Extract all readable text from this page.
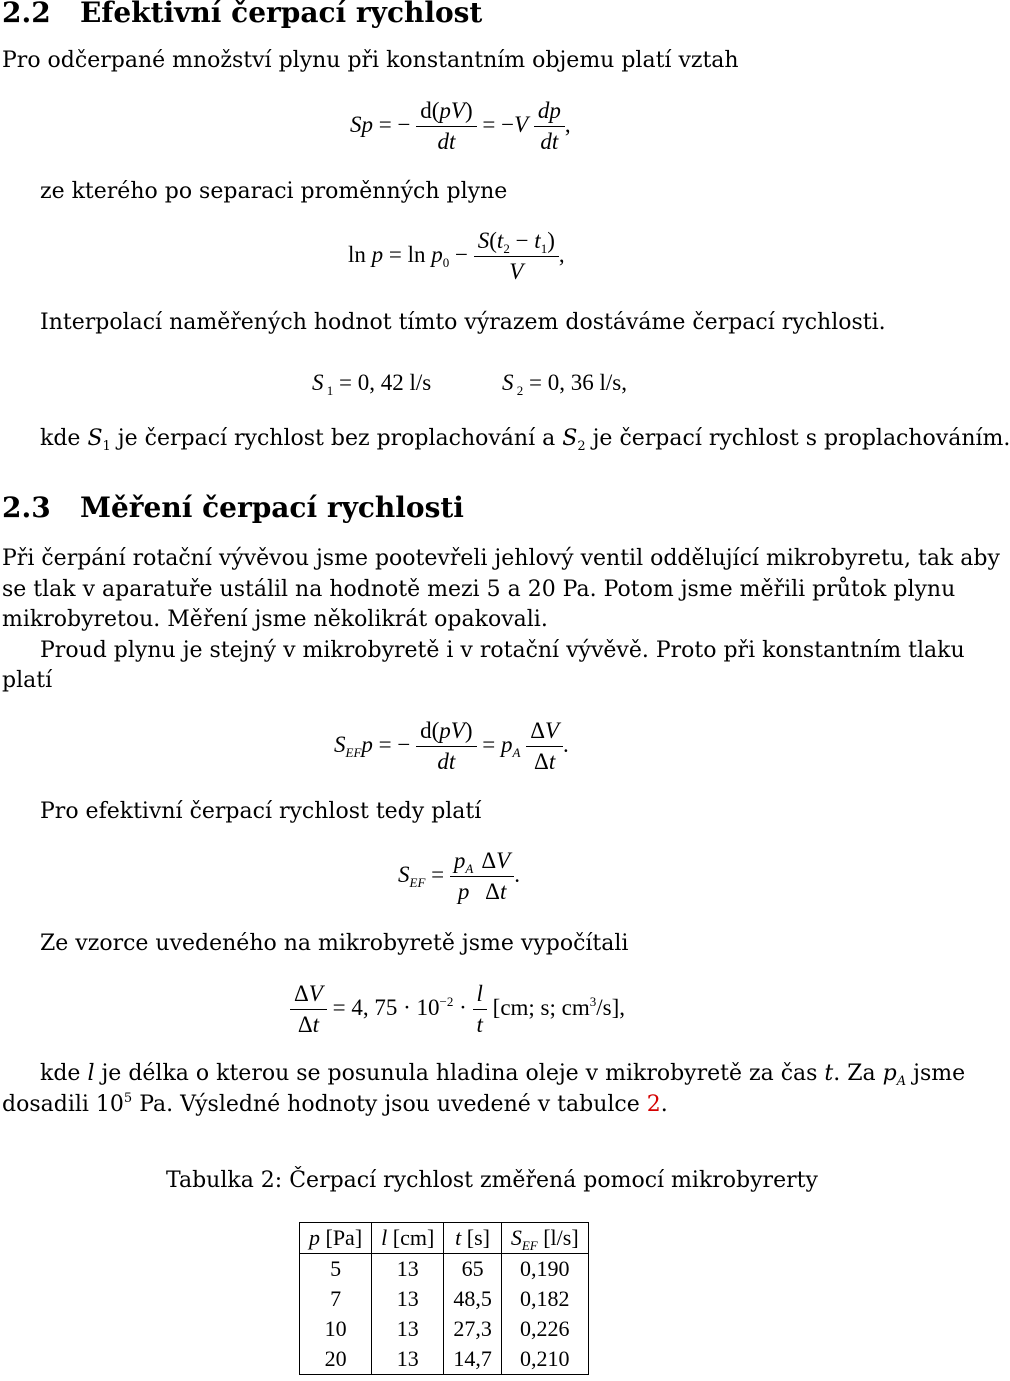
2.2 Efektivní čerpací rychlost
Pro odčerpané množství plynu při konstantním objemu platí vztah
Sp = − $\frac{d(pV)}{dt} = -V \frac{dp}{dt}$ ,
ze kterého po separaci proměnných plyne
$\ln p = \ln p_0 - \frac{S(t_2 - t_1)}{V}$ ,
Interpolací naměřených hodnot tímto výrazem dostáváme čerpací rychlosti.
S $_1$ = 0, 42 l/s	S $_2$ = 0, 36 l/s,
kde $S_1$ je čerpací rychlost bez proplachování a $S_2$ je čerpací rychlost s proplachováním.
2.3 Měření čerpací rychlosti
Při čerpání rotační vývěvou jsme pootevřeli jehlový ventil oddělující mikrobyretu, tak aby
se tlak v aparatuře ustálil na hodnotě mezi 5 a 20 Pa. Potom jsme měřili průtok plynu
mikrobyretou. Měření jsme několikrát opakovali.
Proud plynu je stejný v mikrobyretě i v rotační vývěvě. Proto při konstantním tlaku
platí
$S_{EF}p$ = − $\frac{d(pV)}{dt} = p_A \frac{\Delta V}{\Delta t}$ .
Pro efektivní čerpací rychlost tedy platí
$S_{EF} = \frac{p_A}{p} \frac{\Delta V}{\Delta t}$ .
Ze vzorce uvedeného na mikrobyretě jsme vypočítali
$\frac{\Delta V}{\Delta t} = 4$, $75 \cdot 10^{-2} \cdot \frac{l}{t} [cm$; s; $cm^3/s$],
kde l je délka o kterou se posunula hladina oleje v mikrobyretě za čas t. Za $p_A$ jsme
dosadili $10^5$ Pa. Výsledné hodnoty jsou uvedené v tabulce 2.
Tabulka 2: Čerpací rychlost změřená pomocí mikrobyrerty
p [Pa]	l [cm]	t [s]	$S_{EF}$ [l/s]
5	13	65	0,190
7	13	48,5	0,182
10	13	27,3	0,226
20	13	14,7	0,210
